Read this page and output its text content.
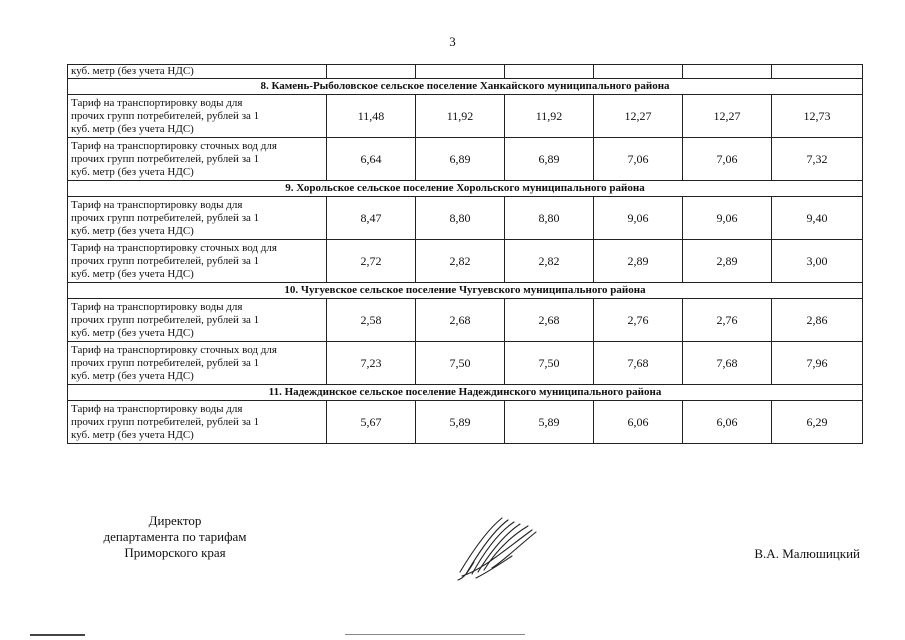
3
куб. метр (без учета НДС)						
8. Камень-Рыболовское сельское поселение Ханкайского муниципального района						

Тариф на транспортировку воды для
прочих групп потребителей, рублей за 1
куб. метр (без учета НДС)	11,48	11,92	11,92	12,27	12,27	12,73

Тариф на транспортировку сточных вод для
прочих групп потребителей, рублей за 1
куб. метр (без учета НДС)	6,64	6,89	6,89	7,06	7,06	7,32
9. Хорольское сельское поселение Хорольского муниципального района						

Тариф на транспортировку воды для
прочих групп потребителей, рублей за 1
куб. метр (без учета НДС)	8,47	8,80	8,80	9,06	9,06	9,40

Тариф на транспортировку сточных вод для
прочих групп потребителей, рублей за 1
куб. метр (без учета НДС)	2,72	2,82	2,82	2,89	2,89	3,00
10. Чугуевское сельское поселение Чугуевского муниципального района						

Тариф на транспортировку воды для
прочих групп потребителей, рублей за 1
куб. метр (без учета НДС)	2,58	2,68	2,68	2,76	2,76	2,86

Тариф на транспортировку сточных вод для
прочих групп потребителей, рублей за 1
куб. метр (без учета НДС)	7,23	7,50	7,50	7,68	7,68	7,96
11. Надеждинское сельское поселение Надеждинского муниципального района						

Тариф на транспортировку воды для
прочих групп потребителей, рублей за 1
куб. метр (без учета НДС)	5,67	5,89	5,89	6,06	6,06	6,29
Директор
департамента по тарифам
Приморского края	В.А. Малюшицкий
